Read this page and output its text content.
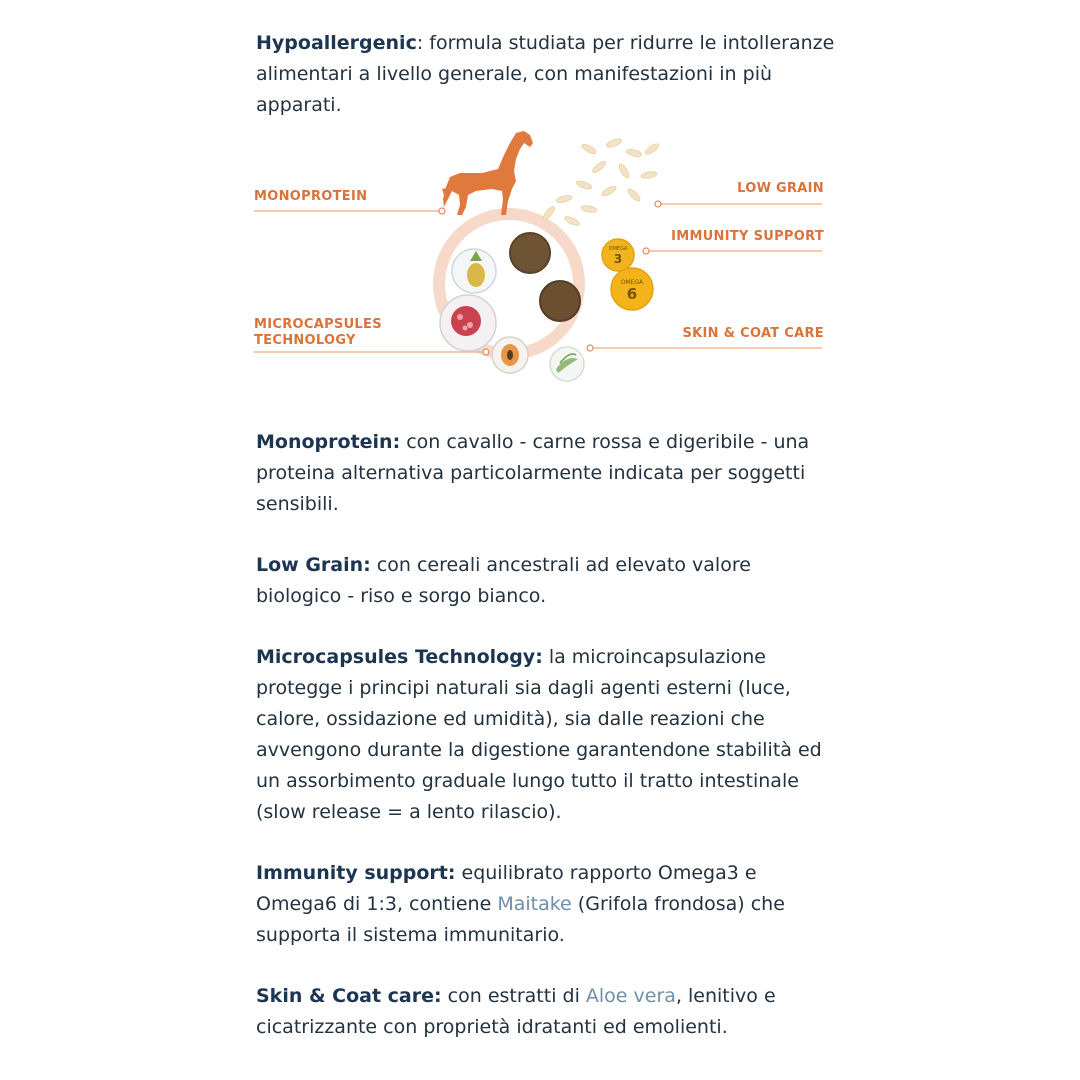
Hypoallergenic: formula studiata per ridurre le intolleranze alimentari a livello generale, con manifestazioni in più apparati.

OMEGA
3
OMEGA
6
MONOPROTEIN
MICROCAPSULES
TECHNOLOGY
LOW GRAIN
IMMUNITY SUPPORT
SKIN & COAT CARE

Monoprotein: con cavallo - carne rossa e digeribile - una proteina alternativa particolarmente indicata per soggetti sensibili.

Low Grain: con cereali ancestrali ad elevato valore biologico - riso e sorgo bianco.

Microcapsules Technology: la microincapsulazione protegge i principi naturali sia dagli agenti esterni (luce, calore, ossidazione ed umidità), sia dalle reazioni che avvengono durante la digestione garantendone stabilità ed un assorbimento graduale lungo tutto il tratto intestinale (slow release = a lento rilascio).

Immunity support: equilibrato rapporto Omega3 e Omega6 di 1:3, contiene Maitake (Grifola frondosa) che supporta il sistema immunitario.

Skin & Coat care: con estratti di Aloe vera, lenitivo e cicatrizzante con proprietà idratanti ed emolienti.
